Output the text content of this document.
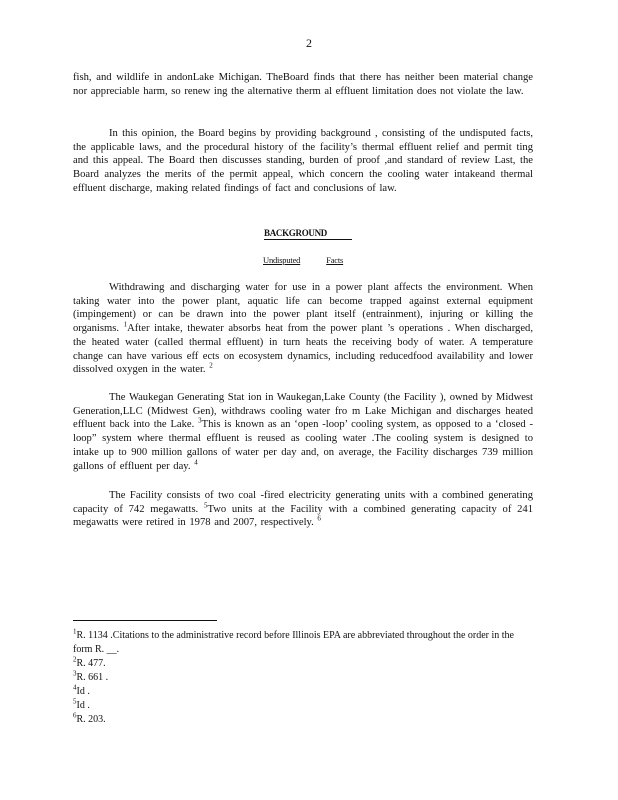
2

fish, and wildlife in andonLake Michigan. TheBoard finds that there has neither been material change nor appreciable harm, so renew ing the alternative therm al effluent limitation does not violate the law.

In this opinion, the Board begins by providing background , consisting of the undisputed facts, the applicable laws, and the procedural history of the facility’s thermal effluent relief and permit ting and this appeal. The Board then discusses standing, burden of proof ,and standard of review Last, the Board analyzes the merits of the permit appeal, which concern the cooling water intakeand thermal effluent discharge, making related findings of fact and conclusions of law.

BACKGROUND
Undisputed	Facts

Withdrawing and discharging water for use in a power plant affects the environment. When taking water into the power plant, aquatic life can become trapped against external equipment (impingement) or can be drawn into the power plant itself (entrainment), injuring or killing the organisms. $^1$After intake, thewater absorbs heat from the power plant ’s operations . When discharged, the heated water (called thermal effluent) in turn heats the receiving body of water. A temperature change can have various eff ects on ecosystem dynamics, including reducedfood availability and lower dissolved oxygen in the water. $^2$

The Waukegan Generating Stat ion in Waukegan,Lake County (the Facility ), owned by Midwest Generation,LLC (Midwest Gen), withdraws cooling water fro m Lake Michigan and discharges heated effluent back into the Lake. $^3$This is known as an ‘open -loop’ cooling system, as opposed to a ‘closed -loop” system where thermal effluent is reused as cooling water .The cooling system is designed to intake up to 900 million gallons of water per day and, on average, the Facility discharges 739 million gallons of effluent per day. $^4$

The Facility consists of two coal -fired electricity generating units with a combined generating capacity of 742 megawatts. $^5$Two units at the Facility with a combined generating capacity of 241 megawatts were retired in 1978 and 2007, respectively. $^6$

$^1$R. 1134 .Citations to the administrative record before Illinois EPA are abbreviated throughout the order in the form R. __.

$^2$R. 477.

$^3$R. 661 .

$^4$Id .

$^5$Id .

$^6$R. 203.
